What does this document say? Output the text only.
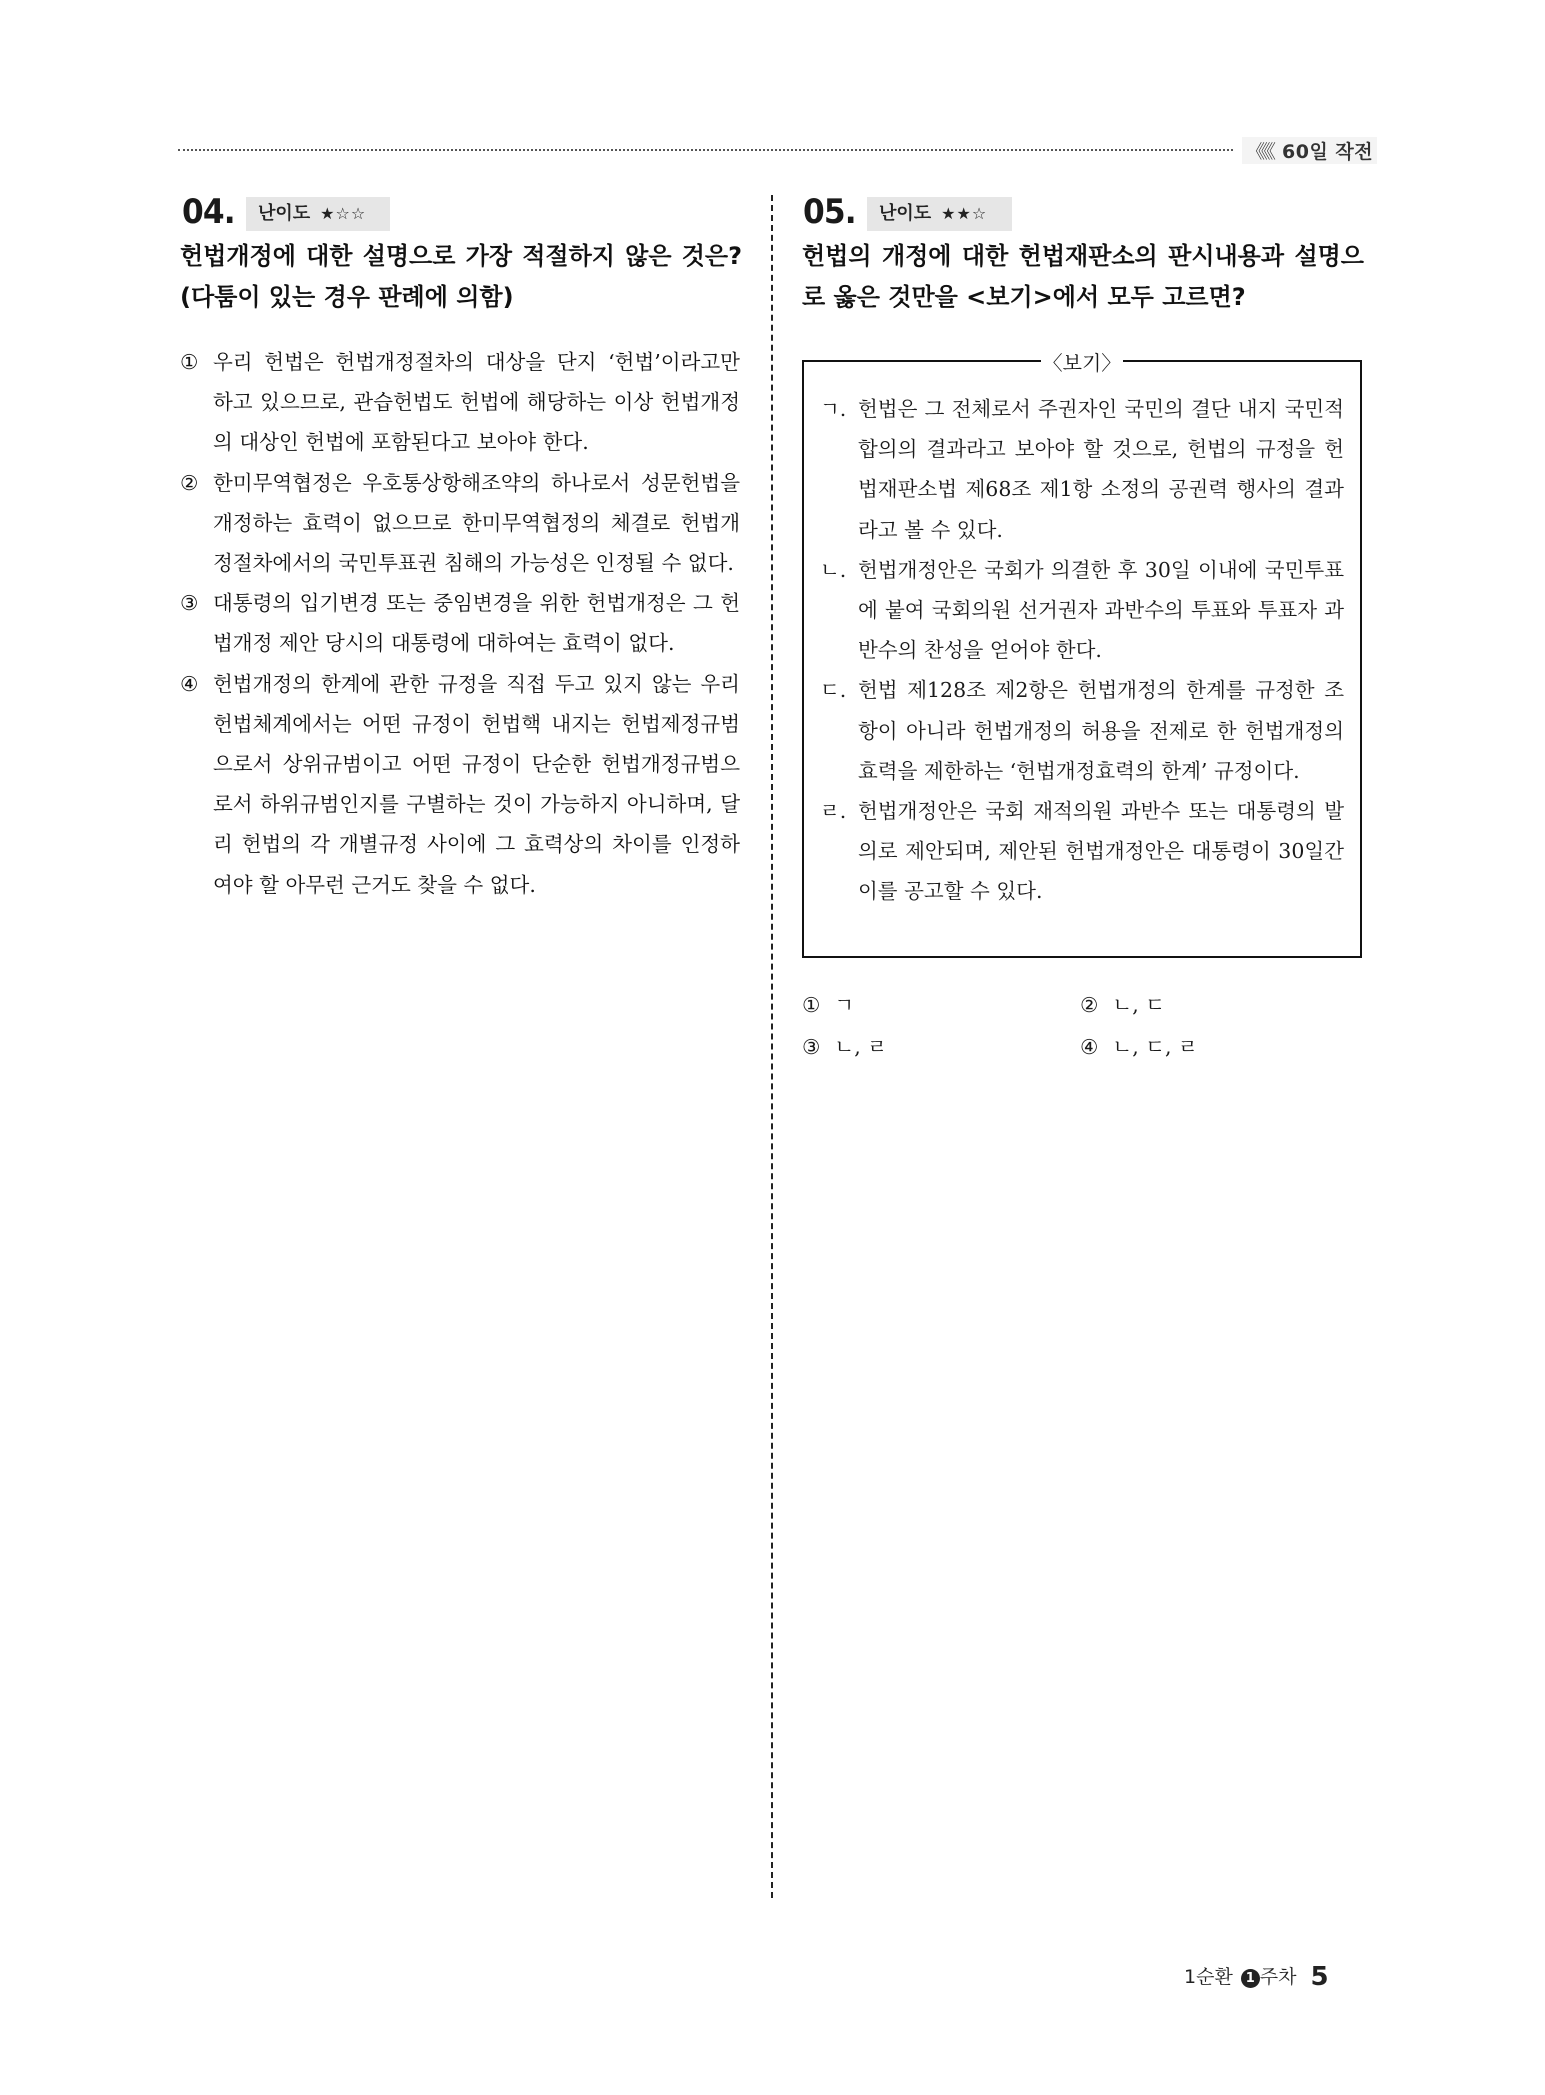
《《《 60일 작전
04.	난이도 ★☆☆
헌법개정에 대한 설명으로 가장 적절하지 않은 것은? (다툼이 있는 경우 판례에 의함)
① 우리 헌법은 헌법개정절차의 대상을 단지 ‘헌법’이라고만 하고 있으므로, 관습헌법도 헌법에 해당하는 이상 헌법개정의 대상인 헌법에 포함된다고 보아야 한다.
② 한미무역협정은 우호통상항해조약의 하나로서 성문헌법을 개정하는 효력이 없으므로 한미무역협정의 체결로 헌법개정절차에서의 국민투표권 침해의 가능성은 인정될 수 없다.
③ 대통령의 입기변경 또는 중임변경을 위한 헌법개정은 그 헌법개정 제안 당시의 대통령에 대하여는 효력이 없다.
④ 헌법개정의 한계에 관한 규정을 직접 두고 있지 않는 우리 헌법체계에서는 어떤 규정이 헌법핵 내지는 헌법제정규범으로서 상위규범이고 어떤 규정이 단순한 헌법개정규범으로서 하위규범인지를 구별하는 것이 가능하지 아니하며, 달리 헌법의 각 개별규정 사이에 그 효력상의 차이를 인정하여야 할 아무런 근거도 찾을 수 없다.
05.	난이도 ★★☆
헌법의 개정에 대한 헌법재판소의 판시내용과 설명으로 옳은 것만을 <보기>에서 모두 고르면?
〈보기〉
ㄱ. 헌법은 그 전체로서 주권자인 국민의 결단 내지 국민적 합의의 결과라고 보아야 할 것으로, 헌법의 규정을 헌법재판소법 제68조 제1항 소정의 공권력 행사의 결과라고 볼 수 있다.
ㄴ. 헌법개정안은 국회가 의결한 후 30일 이내에 국민투표에 붙여 국회의원 선거권자 과반수의 투표와 투표자 과반수의 찬성을 얻어야 한다.
ㄷ. 헌법 제128조 제2항은 헌법개정의 한계를 규정한 조항이 아니라 헌법개정의 허용을 전제로 한 헌법개정의 효력을 제한하는 ‘헌법개정효력의 한계’ 규정이다.
ㄹ. 헌법개정안은 국회 재적의원 과반수 또는 대통령의 발의로 제안되며, 제안된 헌법개정안은 대통령이 30일간 이를 공고할 수 있다.
① ㄱ	② ㄴ, ㄷ
③ ㄴ, ㄹ	④ ㄴ, ㄷ, ㄹ
1순환 1 주차 5
